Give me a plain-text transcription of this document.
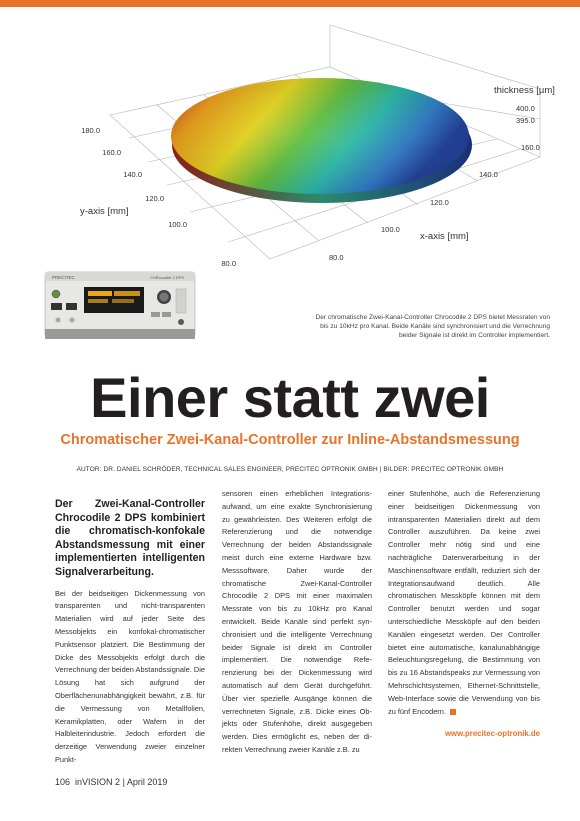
180.0
160.0
140.0
120.0
100.0
80.0
y-axis [mm]
80.0
100.0
120.0
140.0
160.0
x-axis [mm]
thickness [µm]
400.0
395.0
PRECITEC	CHRocodile 2 DPS
Der chromatische Zwei-Kanal-Controller Chrocodile 2 DPS bietet Messraten von bis zu 10kHz pro Kanal. Beide Kanäle sind synchronisiert und die Verrechnung beider Signale ist direkt im Controller implementiert.
Einer statt zwei
Chromatischer Zwei-Kanal-Controller zur Inline-Abstandsmessung
AUTOR: DR. DANIEL SCHRÖDER, TECHNICAL SALES ENGINEER, PRECITEC OPTRONIK GMBH | BILDER: PRECITEC OPTRONIK GMBH

Der Zwei-Kanal-Controller Chrocodile 2 DPS kombiniert die chromatisch-konfokale Abstandsmessung mit einer implementierten intelligenten Signalverarbeitung.

Bei der beidseitigen Dickenmessung von transparenten und nicht-transparenten Materialien wird auf jeder Seite des Messobjekts ein konfokal-chromatischer Punktsensor platziert. Die Bestimmung der Dicke des Messobjekts erfolgt durch die Verrechnung der beiden Abstandssignale. Die Lösung hat sich aufgrund der Oberflächenunabhängigkeit bewährt, z.B. für die Vermessung von Metallfolien, Keramikplatten, oder Wafern in der Halbleiterindustrie. Jedoch erfordert die derzeitige Verwendung zweier einzelner Punkt-

sensoren einen erheblichen Integrationsaufwand, um eine exakte Synchronisierung zu gewährleisten. Des Weiteren erfolgt die Referenzierung und die notwendige Verrechnung der beiden Abstandssignale meist durch eine externe Hardware bzw. Messsoftware. Daher wurde der chromatische Zwei-Kanal-Controller Chrocodile 2 DPS mit einer maximalen Messrate von bis zu 10kHz pro Kanal entwickelt. Beide Kanäle sind perfekt synchronisiert und die intelligente Verrechnung beider Signale ist direkt im Controller implementiert. Die notwendige Referenzierung bei der Dickenmessung wird automatisch auf dem Gerät durchgeführt. Über vier spezielle Ausgänge können die verrechneten Signale, z.B. Dicke eines Objekts oder Stufenhöhe, direkt ausgegeben werden. Dies ermöglicht es, neben der direkten Verrechnung zweier Kanäle z.B. zu

einer Stufenhöhe, auch die Referenzierung einer beidseitigen Dickenmessung von intransparenten Materialien direkt auf dem Controller auszuführen. Da keine zwei Controller mehr nötig sind und eine nachträgliche Datenverarbeitung in der Maschinensoftware entfällt, reduziert sich der Integrationsaufwand deutlich. Alle chromatischen Messköpfe können mit dem Controller benutzt werden und sogar unterschiedliche Messköpfe auf den beiden Kanälen eingesetzt werden. Der Controller bietet eine automatische, kanalunabhängige Beleuchtungsregelung, die Bestimmung von bis zu 16 Abstandspeaks zur Vermessung von Mehrschichtsystemen, Ethernet-Schnittstelle, Web-Interface sowie die Verwendung von bis zu fünf Encodern.

www.precitec-optronik.de
106 inVISION 2 | April 2019
